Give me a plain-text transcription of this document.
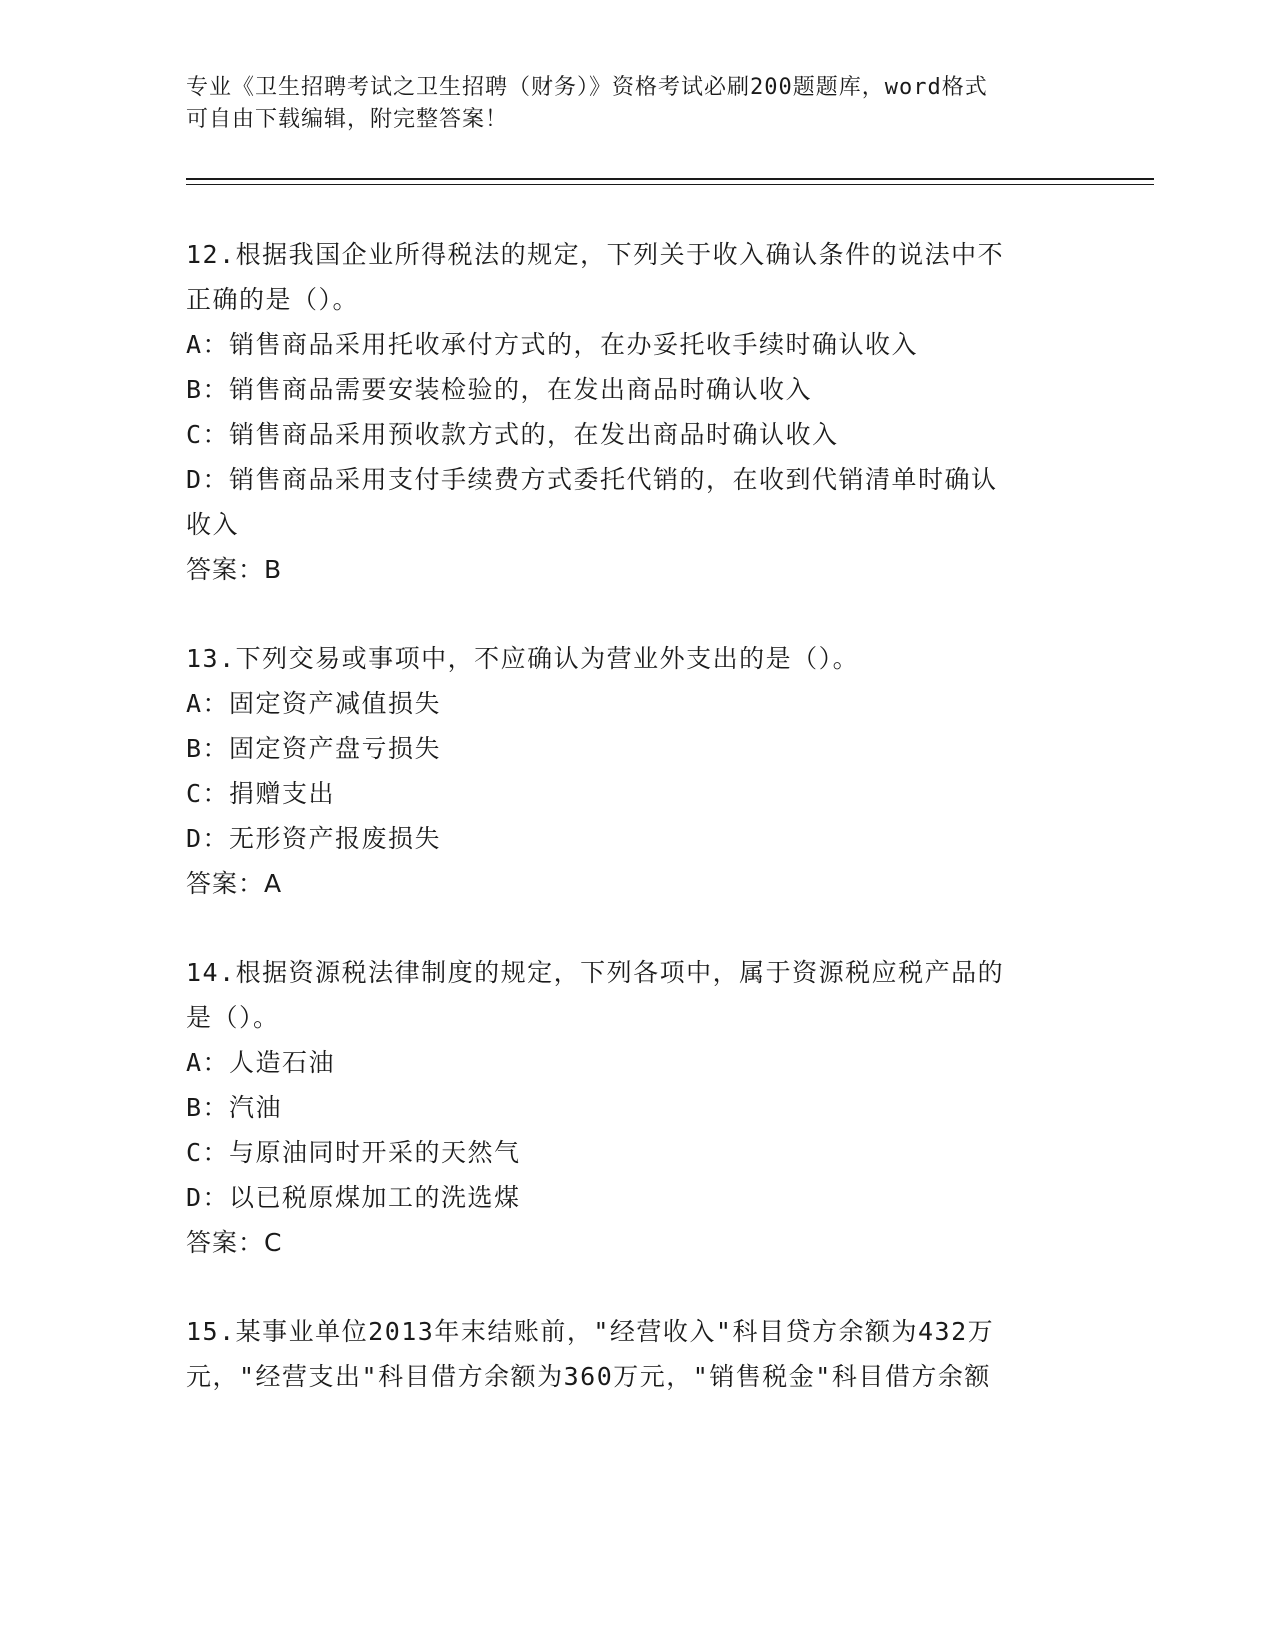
专业《卫生招聘考试之卫生招聘（财务）》资格考试必刷200题题库，word格式
可自由下载编辑，附完整答案！
12.根据我国企业所得税法的规定，下列关于收入确认条件的说法中不
正确的是（）。
A：销售商品采用托收承付方式的，在办妥托收手续时确认收入
B：销售商品需要安装检验的，在发出商品时确认收入
C：销售商品采用预收款方式的，在发出商品时确认收入
D：销售商品采用支付手续费方式委托代销的，在收到代销清单时确认
收入
答案：B
13.下列交易或事项中，不应确认为营业外支出的是（）。
A：固定资产减值损失
B：固定资产盘亏损失
C：捐赠支出
D：无形资产报废损失
答案：A
14.根据资源税法律制度的规定，下列各项中，属于资源税应税产品的
是（）。
A：人造石油
B：汽油
C：与原油同时开采的天然气
D：以已税原煤加工的洗选煤
答案：C
15.某事业单位2013年末结账前，"经营收入"科目贷方余额为432万
元，"经营支出"科目借方余额为360万元，"销售税金"科目借方余额
